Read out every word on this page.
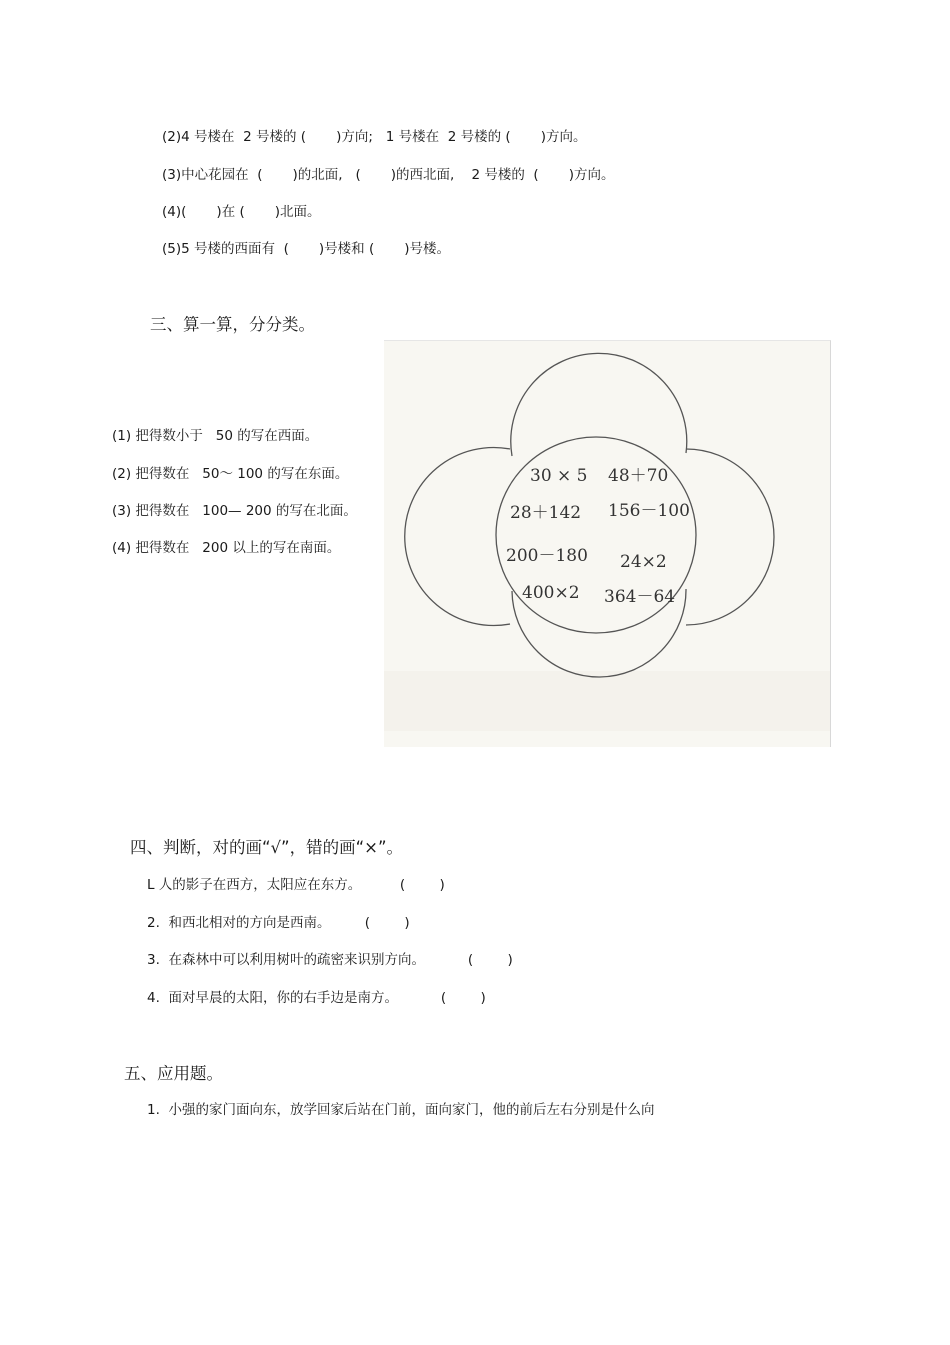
(2)4 号楼在  2 号楼的 (       )方向;   1 号楼在  2 号楼的 (       )方向。
(3)中心花园在  (       )的北面,   (       )的西北面,    2 号楼的  (       )方向。
(4)(       )在 (       )北面。
(5)5 号楼的西面有  (       )号楼和 (       )号楼。
三、算一算，分分类。
(1) 把得数小于   50 的写在西面。
(2) 把得数在   50～ 100 的写在东面。
(3) 把得数在   100— 200 的写在北面。
(4) 把得数在   200 以上的写在南面。
30 × 5 48＋70
28＋142 156－100
200－180 24×2
400×2 364－64
四、判断，对的画“√”，错的画“×”。
L 人的影子在西方，太阳应在东方。         (        )
2.  和西北相对的方向是西南。        (        )
3.  在森林中可以利用树叶的疏密来识别方向。          (        )
4.  面对早晨的太阳，你的右手边是南方。          (        )
五、应用题。
1.  小强的家门面向东，放学回家后站在门前，面向家门，他的前后左右分别是什么向
